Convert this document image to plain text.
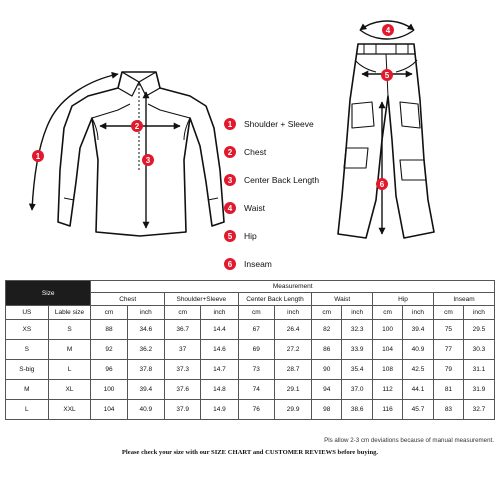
1
2
3
4
5
6
1	Shoulder + Sleeve
2	Chest
3	Center Back Length
4	Waist
5	Hip
6	Inseam
Size		Measurement											
		Chest		Shoulder+Sleeve		Center Back Length		Waist		Hip		Inseam	
US	Lable size	cm	inch	cm	inch	cm	inch	cm	inch	cm	inch	cm	inch
XS	S	88	34.6	36.7	14.4	67	26.4	82	32.3	100	39.4	75	29.5
S	M	92	36.2	37	14.6	69	27.2	86	33.9	104	40.9	77	30.3
S-big	L	96	37.8	37.3	14.7	73	28.7	90	35.4	108	42.5	79	31.1
M	XL	100	39.4	37.6	14.8	74	29.1	94	37.0	112	44.1	81	31.9
L	XXL	104	40.9	37.9	14.9	76	29.9	98	38.6	116	45.7	83	32.7
Pls allow 2-3 cm deviations because of manual measurement.
Please check your size with our SIZE CHART and CUSTOMER REVIEWS before buying.
